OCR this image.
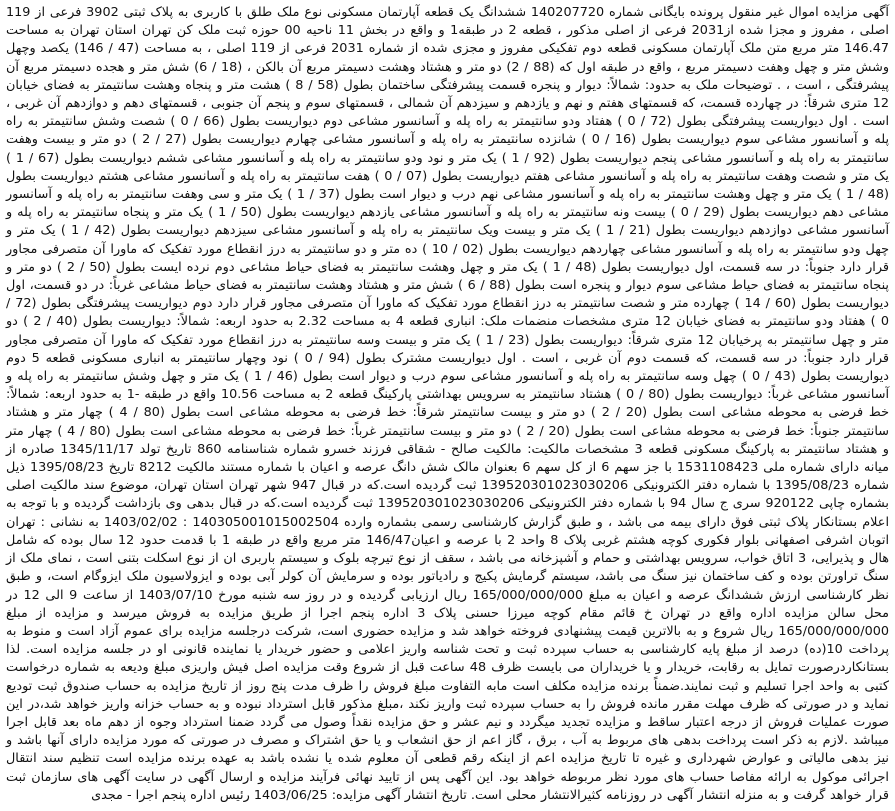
آگهی مزایده اموال غیر منقول پرونده بایگانی شماره 140207720 ششدانگ یک قطعه آپارتمان مسکونی نوع ملک طلق با کاربری به پلاک ثبتی 3902 فرعی از 119 اصلی ، مفروز و مجزا شده از2031 فرعی از اصلی مذکور ، قطعه 2 در طبقه1 و واقع در بخش 11 ناحیه 00 حوزه ثبت ملک کن تهران استان تهران به مساحت 146.47 متر مربع متن ملک آپارتمان مسکونی قطعه دوم تفکیکی مفروز و مجزی شده از شماره 2031 فرعی از 119 اصلی ، به مساحت (47 / 146) یکصد وچهل وشش متر و چهل وهفت دسیمتر مربع ، واقع در طبقه اول که (88 / 2) دو متر و هشتاد وهشت دسیمتر مربع آن بالکن ، (18 / 6) شش متر و هجده دسیمتر مربع آن پیشرفتگی ، است ، . توضیحات ملک به حدود: شمالاً: دیوار و پنجره قسمت پیشرفتگی ساختمان بطول (58 / 8 ) هشت متر و پنجاه وهشت سانتیمتر به فضای خیابان 12 متری شرقاً: در چهارده قسمت، که قسمتهای هفتم و نهم و یازدهم و سیزدهم آن شمالی ، قسمتهای سوم و پنجم آن جنوبی ، قسمتهای دهم و دوازدهم آن غربی ، است . اول دیواریست پیشرفتگی بطول (72 / 0 ) هفتاد ودو سانتیمتر به راه پله و آسانسور مشاعی دوم دیواریست بطول (66 / 0 ) شصت وشش سانتیمتر به راه پله و آسانسور مشاعی سوم دیواریست بطول (16 / 0 ) شانزده سانتیمتر به راه پله و آسانسور مشاعی چهارم دیواریست بطول (27 / 2 ) دو متر و بیست وهفت سانتیمتر به راه پله و آسانسور مشاعی پنجم دیواریست بطول (92 / 1 ) یک متر و نود ودو سانتیمتر به راه پله و آسانسور مشاعی ششم دیواریست بطول (67 / 1 ) یک متر و شصت وهفت سانتیمتر به راه پله و آسانسور مشاعی هفتم دیواریست بطول (07 / 0 ) هفت سانتیمتر به راه پله و آسانسور مشاعی هشتم دیواریست بطول (48 / 1 ) یک متر و چهل وهشت سانتیمتر به راه پله و آسانسور مشاعی نهم درب و دیوار است بطول (37 / 1 ) یک متر و سی وهفت سانتیمتر به راه پله و آسانسور مشاعی دهم دیواریست بطول (29 / 0 ) بیست ونه سانتیمتر به راه پله و آسانسور مشاعی یازدهم دیواریست بطول (50 / 1 ) یک متر و پنجاه سانتیمتر به راه پله و آسانسور مشاعی دوازدهم دیواریست بطول (21 / 1 ) یک متر و بیست ویک سانتیمتر به راه پله و آسانسور مشاعی سیزدهم دیواریست بطول (42 / 1 ) یک متر و چهل ودو سانتیمتر به راه پله و آسانسور مشاعی چهاردهم دیواریست بطول (02 / 10 ) ده متر و دو سانتیمتر به درز انقطاع مورد تفکیک که ماورا آن متصرفی مجاور قرار دارد جنوباً: در سه قسمت، اول دیواریست بطول (48 / 1 ) یک متر و چهل وهشت سانتیمتر به فضای حیاط مشاعی دوم نرده ایست بطول (50 / 2 ) دو متر و پنجاه سانتیمتر به فضای حیاط مشاعی سوم دیوار و پنجره است بطول (88 / 6 ) شش متر و هشتاد وهشت سانتیمتر به فضای حیاط مشاعی غرباً: در دو قسمت، اول دیواریست بطول (60 / 14 ) چهارده متر و شصت سانتیمتر به درز انقطاع مورد تفکیک که ماورا آن متصرفی مجاور قرار دارد دوم دیواریست پیشرفتگی بطول (72 / 0 ) هفتاد ودو سانتیمتر به فضای خیابان 12 متری مشخصات منضمات ملک: انباری قطعه 4 به مساحت 2.32 به حدود اربعه: شمالاً: دیواریست بطول (40 / 2 ) دو متر و چهل سانتیمتر به پرخیابان 12 متری شرقاً: دیواریست بطول (23 / 1 ) یک متر و بیست وسه سانتیمتر به درز انقطاع مورد تفکیک که ماورا آن متصرفی مجاور قرار دارد جنوباً: در سه قسمت، که قسمت دوم آن غربی ، است . اول دیواریست مشترک بطول (94 / 0 ) نود وچهار سانتیمتر به انباری مسکونی قطعه 5 دوم دیواریست بطول (43 / 0 ) چهل وسه سانتیمتر به راه پله و آسانسور مشاعی سوم درب و دیوار است بطول (46 / 1 ) یک متر و چهل وشش سانتیمتر به راه پله و آسانسور مشاعی غرباً: دیواریست بطول (80 / 0 ) هشتاد سانتیمتر به سرویس بهداشتی پارکینگ قطعه 2 به مساحت 10.56 واقع در طبقه -1 به حدود اربعه: شمالاً: خط فرضی به محوطه مشاعی است بطول (20 / 2 ) دو متر و بیست سانتیمتر شرقاً: خط فرضی به محوطه مشاعی است بطول (80 / 4 ) چهار متر و هشتاد سانتیمتر جنوباً: خط فرضی به محوطه مشاعی است بطول (20 / 2 ) دو متر و بیست سانتیمتر غرباً: خط فرضی به محوطه مشاعی است بطول (80 / 4 ) چهار متر و هشتاد سانتیمتر به پارکینگ مسکونی قطعه 3 مشخصات مالکیت: مالکیت صالح - شقاقی فرزند خسرو شماره شناسنامه 860 تاریخ تولد 1345/11/17 صادره از میانه دارای شماره ملی 1531108423 با جز سهم 6 از کل سهم 6 بعنوان مالک شش دانگ عرصه و اعیان با شماره مستند مالکیت 8212 تاریخ 1395/08/23 ذیل شماره 1395/08/23 با شماره دفتر الکترونیکی 139520301023030206 ثبت گردیده است.که در قبال 947 شهر تهران استان تهران، موضوع سند مالکیت اصلی بشماره چاپی 920122 سری ج سال 94 با شماره دفتر الکترونیکی 139520301023030206 ثبت گردیده است.که در قبال بدهی وی بازداشت گردیده و با توجه به اعلام بستانکار پلاک ثبتی فوق دارای بیمه می باشد ، و طبق گزارش کارشناسی رسمی بشماره وارده 140305001015002504 : 1403/02/02 به نشانی : تهران اتوبان اشرفی اصفهانی بلوار فکوری کوچه هشتم غربی پلاک 8 واحد 2 با عرصه و اعیان146/47 متر مربع واقع در طبقه 1 با قدمت حدود 12 سال بوده که شامل هال و پذیرایی، 3 اتاق خواب، سرویس بهداشتی و حمام و آشپزخانه می باشد ، سقف از نوع تیرچه بلوک و سیستم باربری ان از نوع اسکلت بتنی است ، نمای ملک از سنگ تراورتن بوده و کف ساختمان نیز سنگ می باشد، سیستم گرمایش پکیج و رادیاتور بوده و سرمایش آن کولر آبی بوده و ایزولاسیون ملک ایزوگام است، و طبق نظر کارشناسی ارزش ششدانگ عرصه و اعیان به مبلغ 165/000/000/000 ریال ارزیابی گردیده و در روز سه شنبه مورخ 1403/07/10 از ساعت 9 الی 12 در محل سالن مزایده اداره واقع در تهران خ قائم مقام کوچه میرزا حسنی پلاک 3 اداره پنجم اجرا از طریق مزایده به فروش میرسد و مزایده از مبلغ 165/000/000/000 ریال شروع و به بالاترین قیمت پیشنهادی فروخته خواهد شد و مزایده حضوری است، شرکت درجلسه مزایده برای عموم آزاد است و منوط به پرداخت 10(ده) درصد از مبلغ پایه کارشناسی به حساب سپرده ثبت و تحت شناسه واریز اعلامی و حضور خریدار یا نماینده قانونی او در جلسه مزایده است. لذا بستانکاردرصورت تمایل به رقابت، خریدار و یا خریداران می بایست ظرف 48 ساعت قبل از شروع وقت مزایده اصل فیش واریزی مبلغ ودیعه به شماره درخواست کتبی به واحد اجرا تسلیم و ثبت نمایند.ضمناً برنده مزایده مکلف است مابه التفاوت مبلغ فروش را ظرف مدت پنج روز از تاریخ مزایده به حساب صندوق ثبت تودیع نماید و در صورتی که ظرف مهلت مقرر مانده فروش را به حساب سپرده ثبت واریز نکند ،مبلغ مذکور قابل استرداد نبوده و به حساب خزانه واریز خواهد شد،در این صورت عملیات فروش از درجه اعتبار ساقط و مزایده تجدید میگردد و نیم عشر و حق مزایده نقداً وصول می گردد ضمنا استرداد وجوه از دهم ماه بعد قابل اجرا میباشد .لازم به ذکر است پرداخت بدهی های مربوط به آب ، برق ، گاز اعم از حق انشعاب و یا حق اشتراک و مصرف در صورتی که مورد مزایده دارای آنها باشد و نیز بدهی مالیاتی و عوارض شهرداری و غیره تا تاریخ مزایده اعم از اینکه رقم قطعی آن معلوم شده یا نشده باشد به عهده برنده مزایده است تنظیم سند انتقال اجرائی موکول به ارائه مفاصا حساب های مورد نظر مربوطه خواهد بود. این آگهی پس از تایید نهائی فرآیند مزایده و ارسال آگهی در سایت آگهی های سازمان ثبت قرار خواهد گرفت و به منزله انتشار آگهی در روزنامه کثیرالانتشار محلی است. تاریخ انتشار آگهی مزایده: 1403/06/25 رئیس اداره پنجم اجرا - مجدی
